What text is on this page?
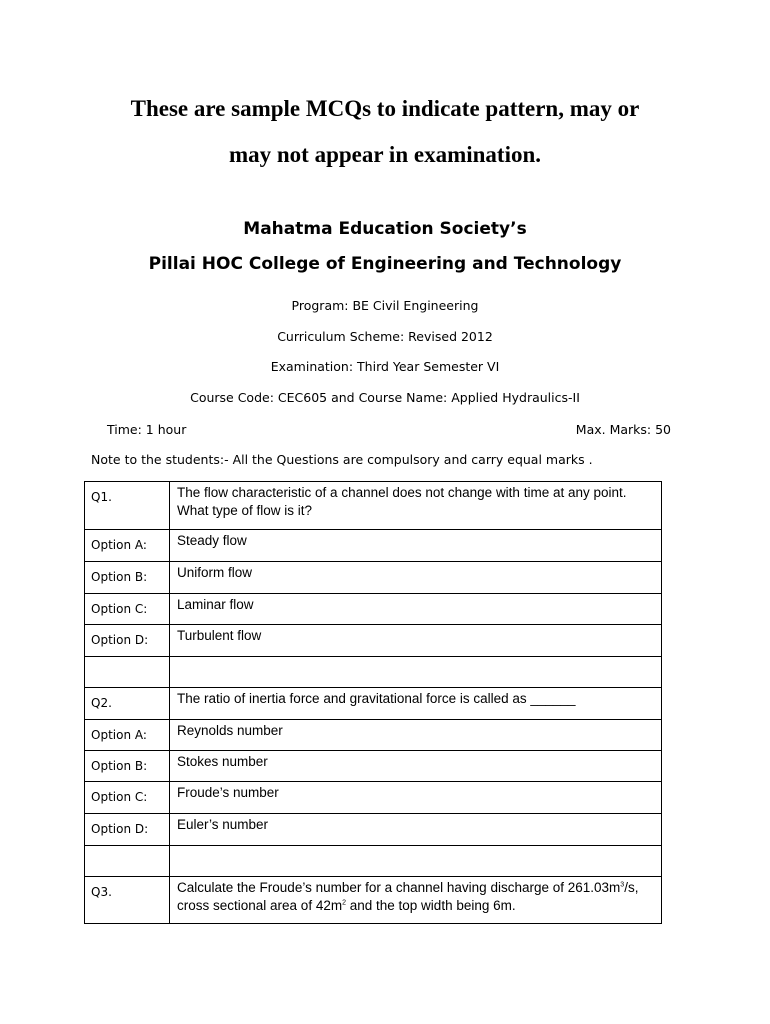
These are sample MCQs to indicate pattern, may or
may not appear in examination.
Mahatma Education Society’s
Pillai HOC College of Engineering and Technology
Program: BE Civil Engineering
Curriculum Scheme: Revised 2012
Examination: Third Year Semester VI
Course Code: CEC605 and Course Name: Applied Hydraulics-II
Time: 1 hour	Max. Marks: 50
Note to the students:- All the Questions are compulsory and carry equal marks .
Q1.	The flow characteristic of a channel does not change with time at any point. What type of flow is it?
Option A:	Steady flow
Option B:	Uniform flow
Option C:	Laminar flow
Option D:	Turbulent flow

Q2.	The ratio of inertia force and gravitational force is called as ______
Option A:	Reynolds number
Option B:	Stokes number
Option C:	Froude’s number
Option D:	Euler’s number

Q3.	Calculate the Froude’s number for a channel having discharge of $261.03m^3/s$, cross sectional area of $42m^2$ and the top width being 6m.
